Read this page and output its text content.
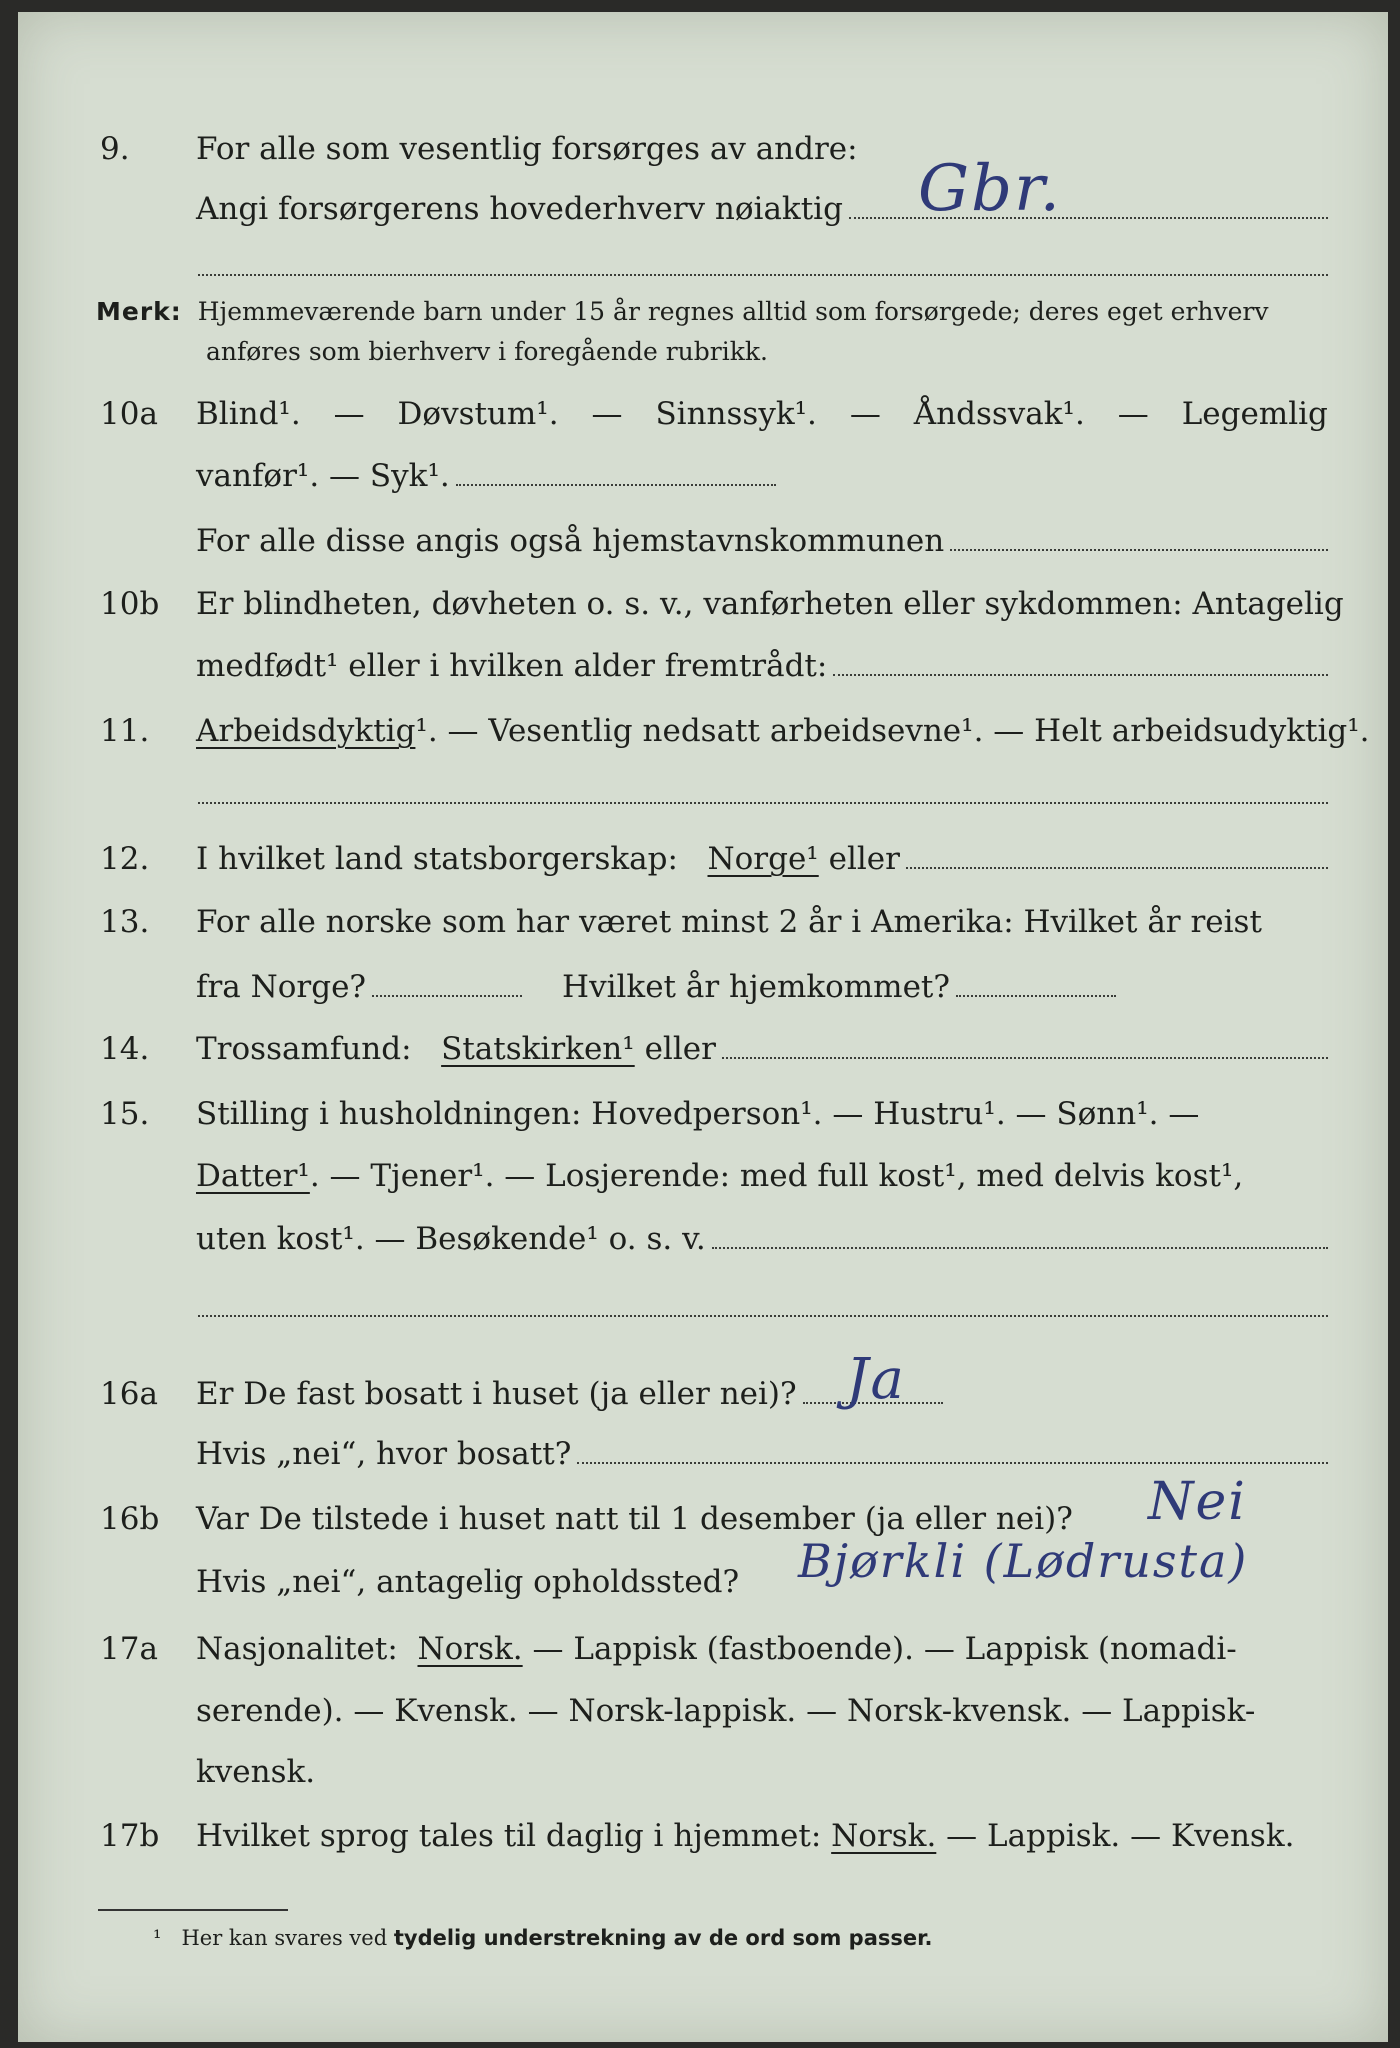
9.	For alle som vesentlig forsørges av andre:
Angi forsørgerens hovederhverv nøiaktig Gbr.
Merk: Hjemmeværende barn under 15 år regnes alltid som forsørgede; deres eget erhverv
anføres som bierhverv i foregående rubrikk.
10a	Blind¹. — Døvstum¹. — Sinnssyk¹. — Åndssvak¹. — Legemlig
vanfør¹. — Syk¹.
For alle disse angis også hjemstavnskommunen
10b	Er blindheten, døvheten o. s. v., vanførheten eller sykdommen: Antagelig
medfødt¹ eller i hvilken alder fremtrådt:
11.	Arbeidsdyktig ¹. — Vesentlig nedsatt arbeidsevne¹. — Helt arbeidsudyktig¹.
12.	I hvilket land statsborgerskap:
Norge¹
eller
13.	For alle norske som har været minst 2 år i Amerika: Hvilket år reist
fra Norge?	Hvilket år hjemkommet?
14.	Trossamfund:
Statskirken¹
eller
15.	Stilling i husholdningen: Hovedperson¹. — Hustru¹. — Sønn¹. —
Datter¹ . — Tjener¹. — Losjerende: med full kost¹, med delvis kost¹,
uten kost¹. — Besøkende¹ o. s. v.
16a	Er De fast bosatt i huset (ja eller nei)? Ja
Hvis „nei“, hvor bosatt?
16b	Var De tilstede i huset natt til 1 desember (ja eller nei)? Nei
Hvis „nei“, antagelig opholdssted? Bjørkli (Lødrusta)
17a	Nasjonalitet:
Norsk.
— Lappisk (fastboende). — Lappisk (nomadi-
serende). — Kvensk. — Norsk-lappisk. — Norsk-kvensk. — Lappisk-
kvensk.
17b	Hvilket sprog tales til daglig i hjemmet:
Norsk.
— Lappisk. — Kvensk.
¹ Her kan svares ved tydelig understrekning av de ord som passer.
